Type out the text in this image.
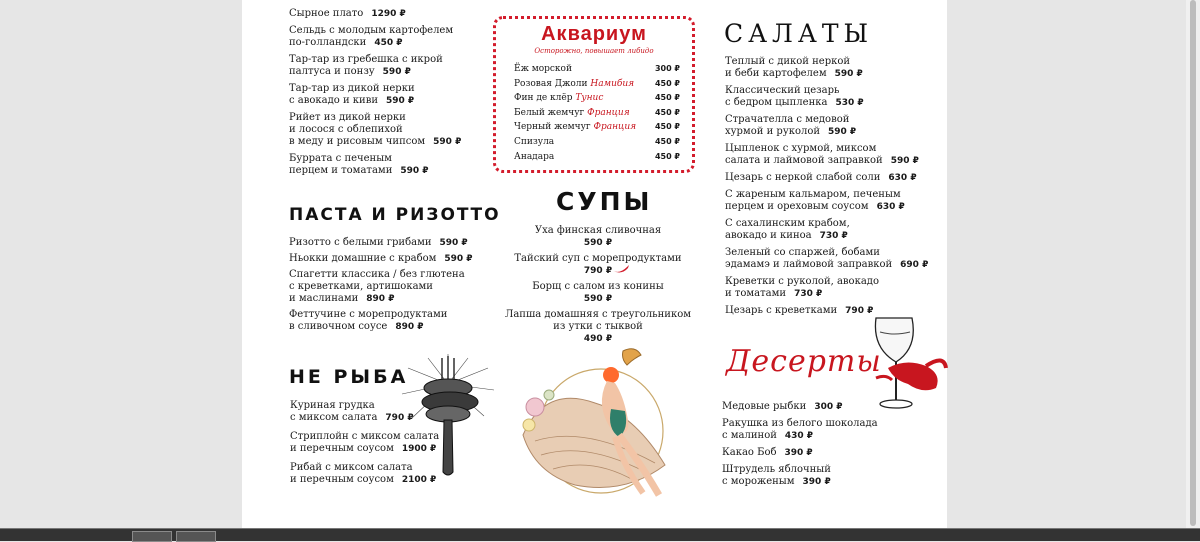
Сырное плато 1290 ₽
Сельдь с молодым картофелем
по-голландски 450 ₽
Тар-тар из гребешка с икрой
палтуса и понзу 590 ₽
Тар-тар из дикой нерки
с авокадо и киви 590 ₽
Рийет из дикой нерки
и лосося с облепихой
в меду и рисовым чипсом 590 ₽
Буррата с печеным
перцем и томатами 590 ₽
ПАСТА И РИЗОТТО
Ризотто с белыми грибами 590 ₽
Ньокки домашние с крабом 590 ₽
Спагетти классика / без глютена
с креветками, артишоками
и маслинами 890 ₽
Феттучине с морепродуктами
в сливочном соусе 890 ₽
НЕ РЫБА
Куриная грудка
с миксом салата 790 ₽
Стриплойн с миксом салата
и перечным соусом 1900 ₽
Рибай с миксом салата
и перечным соусом 2100 ₽
Аквариум
Осторожно, повышает либидо
Ёж морской	300 ₽
Розовая Джоли Намибия	450 ₽
Фин де клёр Тунис	450 ₽
Белый жемчуг Франция	450 ₽
Черный жемчуг Франция 450 ₽
Спизула	450 ₽
Анадара	450 ₽
СУПЫ
Уха финская сливочная
590 ₽
Тайский суп с морепродуктами
790 ₽
Борщ с салом из конины
590 ₽
Лапша домашняя с треугольником
из утки с тыквой
490 ₽
САЛАТЫ
Теплый с дикой неркой
и беби картофелем 590 ₽
Классический цезарь
с бедром цыпленка 530 ₽
Страчателла с медовой
хурмой и руколой 590 ₽
Цыпленок с хурмой, миксом
салата и лаймовой заправкой 590 ₽
Цезарь с неркой слабой соли 630 ₽
С жареным кальмаром, печеным
перцем и ореховым соусом 630 ₽
С сахалинским крабом,
авокадо и киноа 730 ₽
Зеленый со спаржей, бобами
эдамамэ и лаймовой заправкой 690 ₽
Креветки с руколой, авокадо
и томатами 730 ₽
Цезарь с креветками 790 ₽
Десерты
Медовые рыбки 300 ₽
Ракушка из белого шоколада
с малиной 430 ₽
Какао Боб 390 ₽
Штрудель яблочный
с мороженым 390 ₽
